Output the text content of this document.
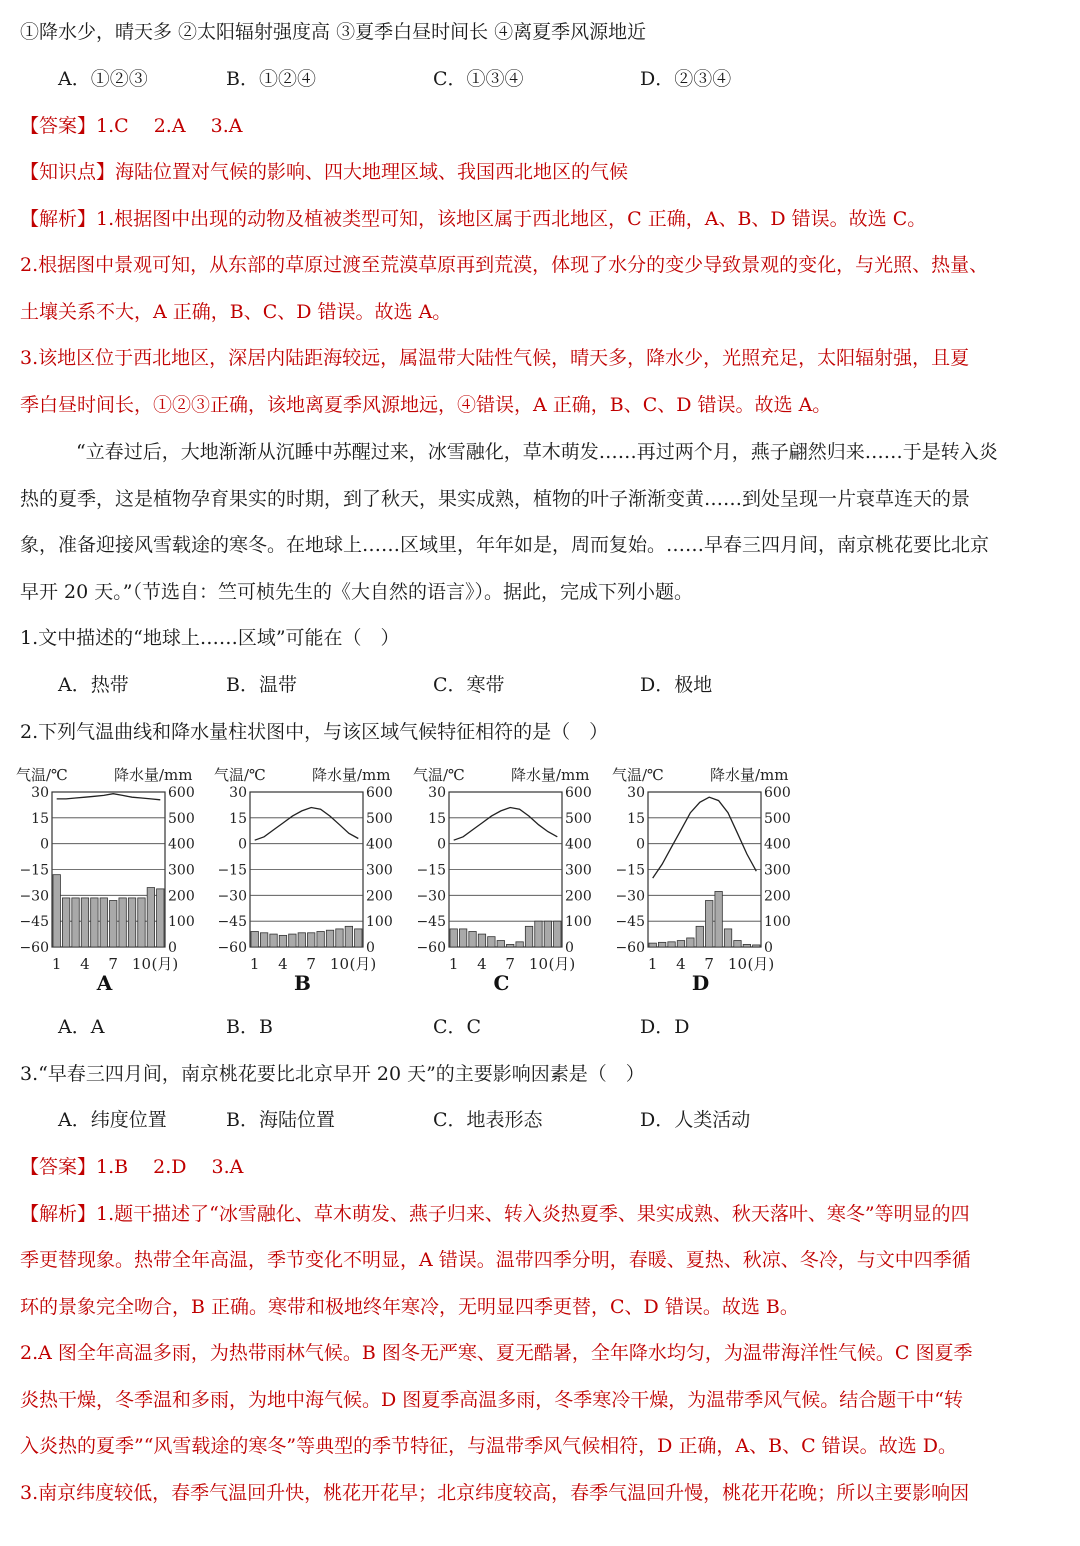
①降水少，晴天多 ②太阳辐射强度高 ③夏季白昼时间长 ④离夏季风源地近
A．①②③	B．①②④	C．①③④	D．②③④
【答案】1.C　 2.A　 3.A
【知识点】海陆位置对气候的影响、四大地理区域、我国西北地区的气候
【解析】1.根据图中出现的动物及植被类型可知，该地区属于西北地区，C 正确，A、B、D 错误。故选 C。
2.根据图中景观可知，从东部的草原过渡至荒漠草原再到荒漠，体现了水分的变少导致景观的变化，与光照、热量、
土壤关系不大，A 正确，B、C、D 错误。故选 A。
3.该地区位于西北地区，深居内陆距海较远，属温带大陆性气候，晴天多，降水少，光照充足，太阳辐射强，且夏
季白昼时间长，①②③正确，该地离夏季风源地远，④错误，A 正确，B、C、D 错误。故选 A。
“立春过后，大地渐渐从沉睡中苏醒过来，冰雪融化，草木萌发……再过两个月，燕子翩然归来……于是转入炎
热的夏季，这是植物孕育果实的时期，到了秋天，果实成熟，植物的叶子渐渐变黄……到处呈现一片衰草连天的景
象，准备迎接风雪载途的寒冬。在地球上……区域里，年年如是，周而复始。……早春三四月间，南京桃花要比北京
早开 20 天。”（节选自：竺可桢先生的《大自然的语言》）。据此，完成下列小题。
1.文中描述的“地球上……区域”可能在（　）
A．热带	B．温带	C．寒带	D．极地
2.下列气温曲线和降水量柱状图中，与该区域气候特征相符的是（　）
气温/℃	降水量/mm
30	600
15	500
0	400
−15	300
−30	200
−45	100
−60	0
1 4 7 10 (月)
A
气温/℃	降水量/mm
30	600
15	500
0	400
−15	300
−30	200
−45	100
−60	0
1 4 7 10 (月)
B
气温/℃	降水量/mm
30	600
15	500
0	400
−15	300
−30	200
−45	100
−60	0
1 4 7 10 (月)
C
气温/℃	降水量/mm
30	600
15	500
0	400
−15	300
−30	200
−45	100
−60	0
1 4 7 10 (月)
D
A．A	B．B	C．C	D．D
3.“早春三四月间，南京桃花要比北京早开 20 天”的主要影响因素是（　）
A．纬度位置	B．海陆位置	C．地表形态	D．人类活动
【答案】1.B　 2.D　 3.A
【解析】1.题干描述了“冰雪融化、草木萌发、燕子归来、转入炎热夏季、果实成熟、秋天落叶、寒冬”等明显的四
季更替现象。热带全年高温，季节变化不明显，A 错误。温带四季分明，春暖、夏热、秋凉、冬冷，与文中四季循
环的景象完全吻合，B 正确。寒带和极地终年寒冷，无明显四季更替，C、D 错误。故选 B。
2.A 图全年高温多雨，为热带雨林气候。B 图冬无严寒、夏无酷暑，全年降水均匀，为温带海洋性气候。C 图夏季
炎热干燥，冬季温和多雨，为地中海气候。D 图夏季高温多雨，冬季寒冷干燥，为温带季风气候。结合题干中“转
入炎热的夏季”“风雪载途的寒冬”等典型的季节特征，与温带季风气候相符，D 正确，A、B、C 错误。故选 D。
3.南京纬度较低，春季气温回升快，桃花开花早；北京纬度较高，春季气温回升慢，桃花开花晚；所以主要影响因
